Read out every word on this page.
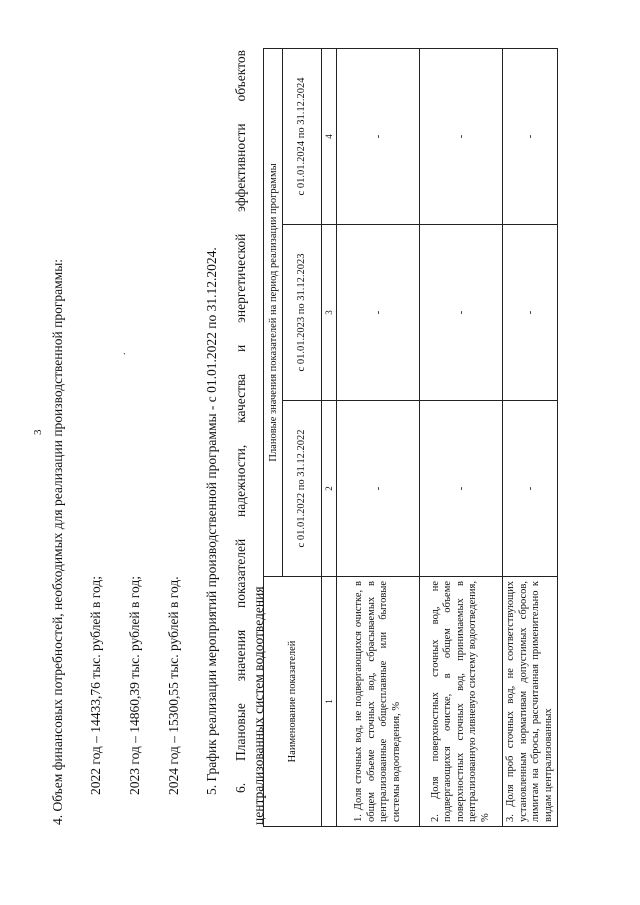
3 4. Объем финансовых потребностей, необходимых для реализации производственной программы:	.
2022 год – 14433,76 тыс. рублей в год; 2023 год – 14860,39 тыс. рублей в год; 2024 год – 15300,55 тыс. рублей в год. 5. График реализации мероприятий производственной программы - с 01.01.2022 по 31.12.2024. 6.
Плановые
значения
показателей
надежности,
качества
и
энергетической
эффективности
объектов
централизованных систем водоотведения Наименование показателей	Плановые значения показателей на период реализации программы		
	с 01.01.2022 по 31.12.2022	с 01.01.2023 по 31.12.2023	с 01.01.2024 по 31.12.2024
1	2	3	4
1. Доля сточных вод, не подвергающихся очистке, в общем объеме сточных вод, сбрасываемых в централизованные общесплавные или бытовые системы водоотведения, %	-	-	-
2. Доля поверхностных сточных вод, не подвергающихся очистке, в общем объеме поверхностных сточных вод, принимаемых в централизованную ливневую систему водоотведения, %	-	-	-
3. Доля проб сточных вод, не соответствующих установленным нормативам допустимых сбросов, лимитам на сбросы, рассчитанная применительно к видам централизованных	-	-	-
